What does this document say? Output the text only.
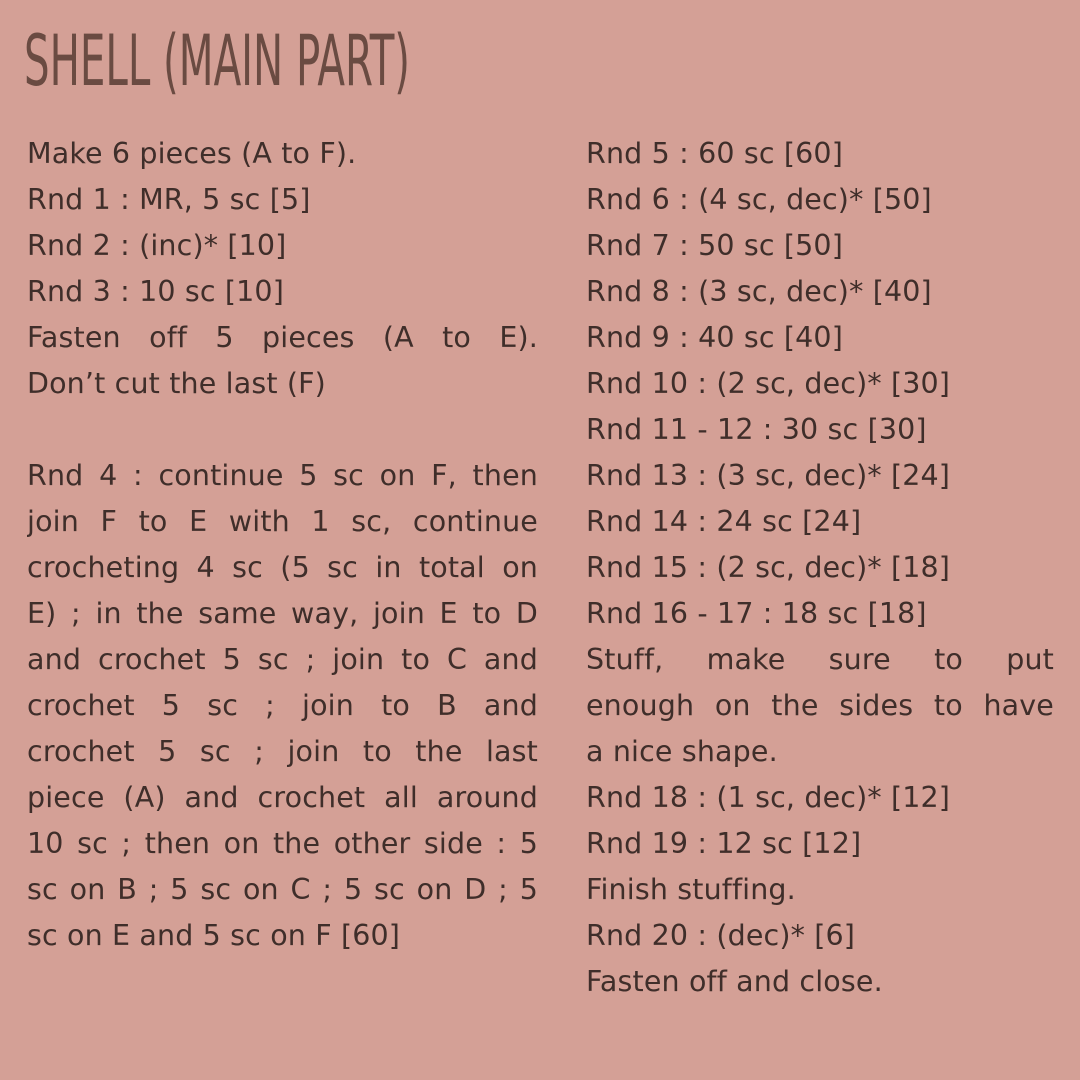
SHELL (MAIN PART)
Make 6 pieces (A to F).
Rnd 1 : MR, 5 sc [5]
Rnd 2 : (inc)* [10]
Rnd 3 : 10 sc [10]
Fasten off 5 pieces (A to E).
Don’t cut the last (F)
Rnd 4 : continue 5 sc on F, then
join F to E with 1 sc, continue
crocheting 4 sc (5 sc in total on
E) ; in the same way, join E to D
and crochet 5 sc ; join to C and
crochet 5 sc ; join to B and
crochet 5 sc ; join to the last
piece (A) and crochet all around
10 sc ; then on the other side : 5
sc on B ; 5 sc on C ; 5 sc on D ; 5
sc on E and 5 sc on F [60]
Rnd 5 : 60 sc [60]
Rnd 6 : (4 sc, dec)* [50]
Rnd 7 : 50 sc [50]
Rnd 8 : (3 sc, dec)* [40]
Rnd 9 : 40 sc [40]
Rnd 10 : (2 sc, dec)* [30]
Rnd 11 - 12 : 30 sc [30]
Rnd 13 : (3 sc, dec)* [24]
Rnd 14 : 24 sc [24]
Rnd 15 : (2 sc, dec)* [18]
Rnd 16 - 17 : 18 sc [18]
Stuff, make sure to put
enough on the sides to have
a nice shape.
Rnd 18 : (1 sc, dec)* [12]
Rnd 19 : 12 sc [12]
Finish stuffing.
Rnd 20 : (dec)* [6]
Fasten off and close.
